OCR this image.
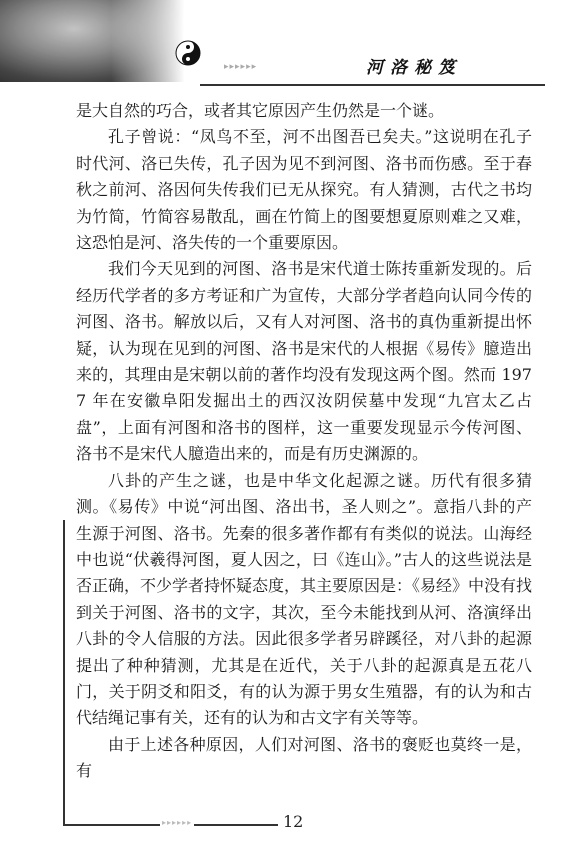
▸▸▸▸▸▸	河洛秘笈

是大自然的巧合，或者其它原因产生仍然是一个谜。

孔子曾说：“凤鸟不至，河不出图吾已矣夫。”这说明在孔子时代河、洛已失传，孔子因为见不到河图、洛书而伤感。至于春秋之前河、洛因何失传我们已无从探究。有人猜测，古代之书均为竹简，竹简容易散乱，画在竹简上的图要想夏原则难之又难，这恐怕是河、洛失传的一个重要原因。

我们今天见到的河图、洛书是宋代道士陈抟重新发现的。后经历代学者的多方考证和广为宣传，大部分学者趋向认同今传的河图、洛书。解放以后，又有人对河图、洛书的真伪重新提出怀疑，认为现在见到的河图、洛书是宋代的人根据《易传》臆造出来的，其理由是宋朝以前的著作均没有发现这两个图。然而 1977 年在安徽阜阳发掘出土的西汉汝阴侯墓中发现“九宫太乙占盘”，上面有河图和洛书的图样，这一重要发现显示今传河图、洛书不是宋代人臆造出来的，而是有历史渊源的。

八卦的产生之谜，也是中华文化起源之谜。历代有很多猜测。《易传》中说“河出图、洛出书，圣人则之”。意指八卦的产生源于河图、洛书。先秦的很多著作都有有类似的说法。山海经中也说“伏羲得河图，夏人因之，曰《连山》。”古人的这些说法是否正确，不少学者持怀疑态度，其主要原因是：《易经》中没有找到关于河图、洛书的文字，其次，至今未能找到从河、洛演绎出八卦的令人信服的方法。因此很多学者另辟蹊径，对八卦的起源提出了种种猜测，尤其是在近代，关于八卦的起源真是五花八门，关于阴爻和阳爻，有的认为源于男女生殖器，有的认为和古代结绳记事有关，还有的认为和古文字有关等等。

由于上述各种原因，人们对河图、洛书的褒贬也莫终一是，有

▸▸▸▸▸▸	12
